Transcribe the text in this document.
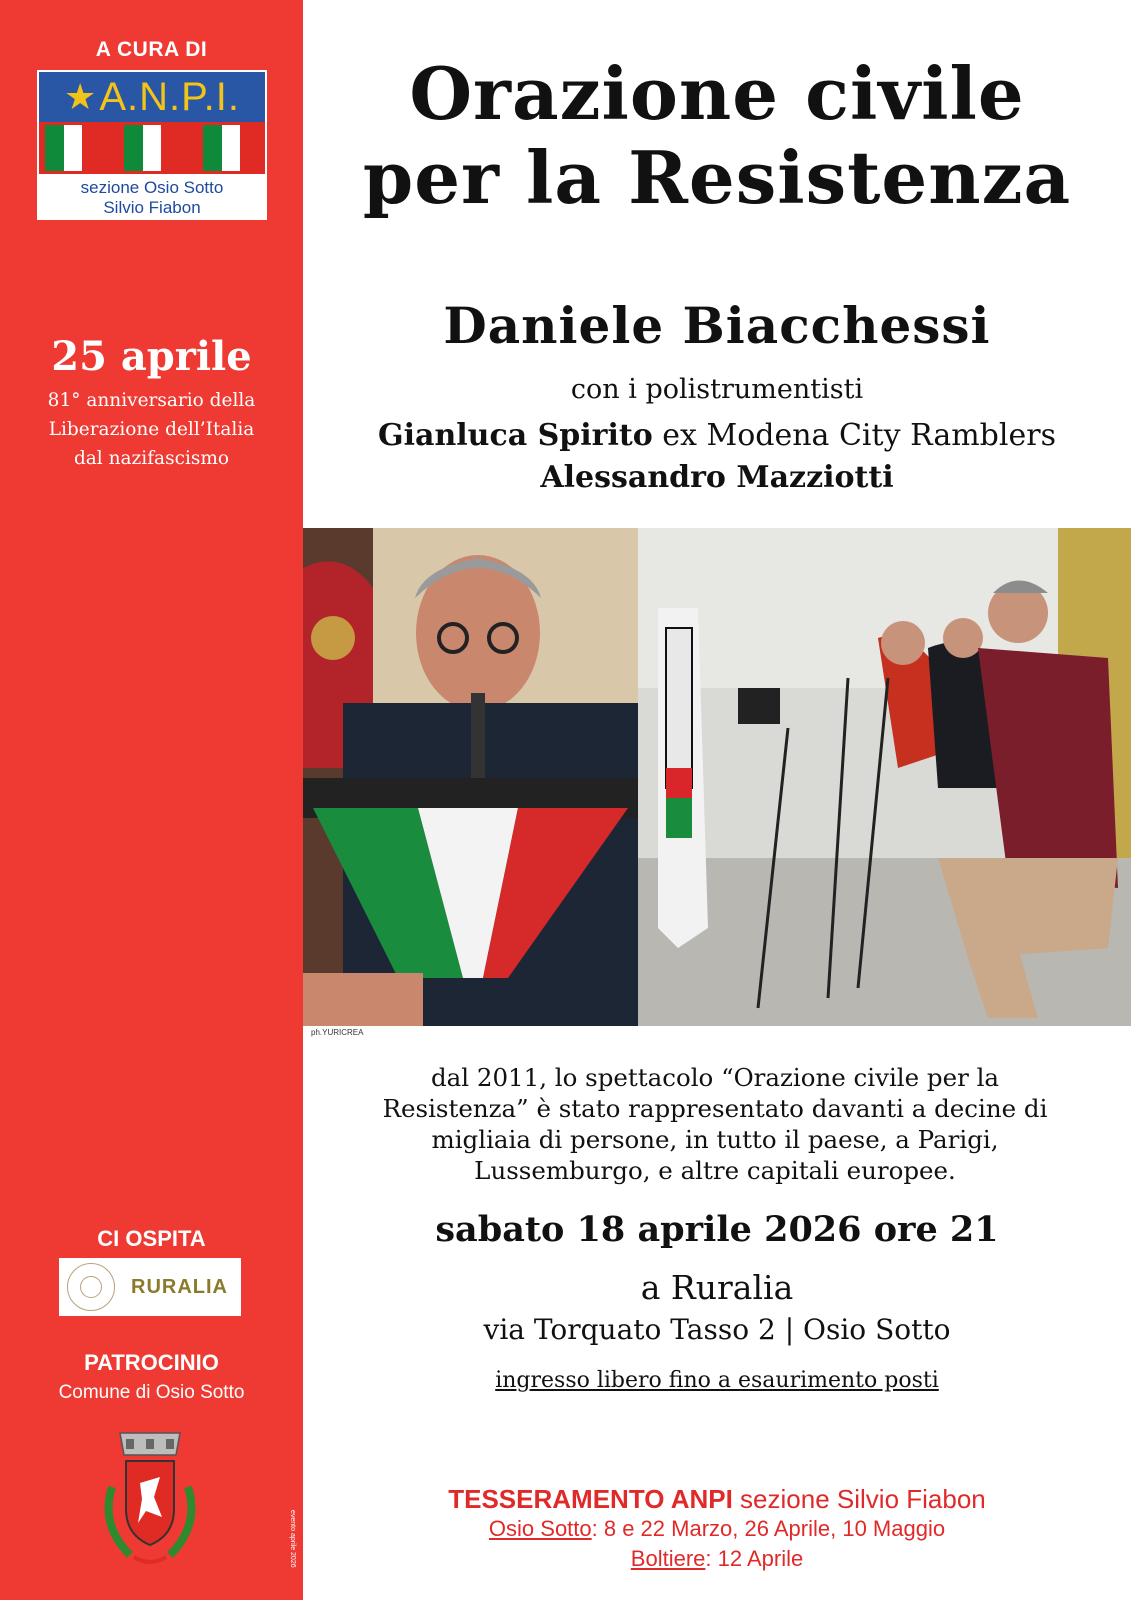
A CURA DI
★ A.N.P.I.
sezione Osio Sotto
Silvio Fiabon
25 aprile
81° anniversario della
Liberazione dell’Italia
dal nazifascismo
CI OSPITA
RURALIA
PATROCINIO
Comune di Osio Sotto
evento aprile 2026
Orazione civile
per la Resistenza
Daniele Biacchessi
con i polistrumentisti
Gianluca Spirito ex Modena City Ramblers
Alessandro Mazziotti
ph.YURICREA
dal 2011, lo spettacolo “Orazione civile per la
Resistenza” è stato rappresentato davanti a decine di
migliaia di persone, in tutto il paese, a Parigi,
Lussemburgo, e altre capitali europee.
sabato 18 aprile 2026 ore 21
a Ruralia
via Torquato Tasso 2 | Osio Sotto
ingresso libero fino a esaurimento posti
TESSERAMENTO ANPI sezione Silvio Fiabon
Osio Sotto: 8 e 22 Marzo, 26 Aprile, 10 Maggio
Boltiere: 12 Aprile
